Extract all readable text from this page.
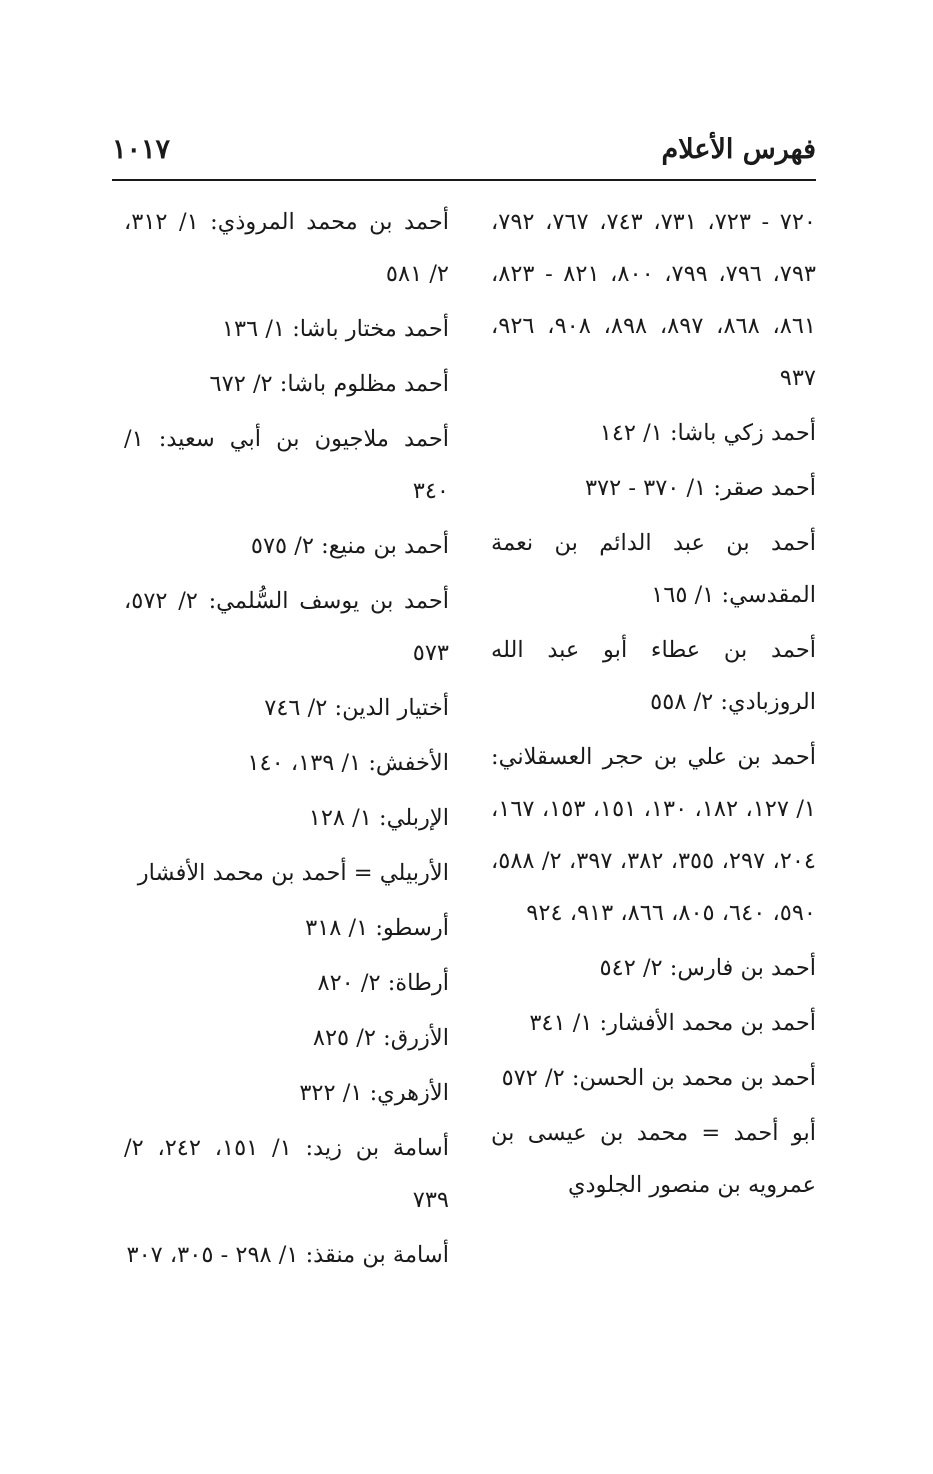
فهرس الأعلام
١٠١٧

٧٢٠ - ٧٢٣، ٧٣١، ٧٤٣، ٧٦٧، ٧٩٢، ٧٩٣، ٧٩٦، ٧٩٩، ٨٠٠، ٨٢١ - ٨٢٣، ٨٦١، ٨٦٨، ٨٩٧، ٨٩٨، ٩٠٨، ٩٢٦، ٩٣٧

أحمد زكي باشا: ١/ ١٤٢

أحمد صقر: ١/ ٣٧٠ - ٣٧٢

أحمد بن عبد الدائم بن نعمة المقدسي: ١/ ١٦٥

أحمد بن عطاء أبو عبد الله الروزبادي: ٢/ ٥٥٨

أحمد بن علي بن حجر العسقلاني: ١/ ١٢٧، ١٨٢، ١٣٠، ١٥١، ١٥٣، ١٦٧، ٢٠٤، ٢٩٧، ٣٥٥، ٣٨٢، ٣٩٧، ٢/ ٥٨٨، ٥٩٠، ٦٤٠، ٨٠٥، ٨٦٦، ٩١٣، ٩٢٤

أحمد بن فارس: ٢/ ٥٤٢

أحمد بن محمد الأفشار: ١/ ٣٤١

أحمد بن محمد بن الحسن: ٢/ ٥٧٢

أبو أحمد = محمد بن عيسى بن عمرويه بن منصور الجلودي

أحمد بن محمد المروذي: ١/ ٣١٢، ٢/ ٥٨١

أحمد مختار باشا: ١/ ١٣٦

أحمد مظلوم باشا: ٢/ ٦٧٢

أحمد ملاجيون بن أبي سعيد: ١/ ٣٤٠

أحمد بن منيع: ٢/ ٥٧٥

أحمد بن يوسف السُّلمي: ٢/ ٥٧٢، ٥٧٣

أختيار الدين: ٢/ ٧٤٦

الأخفش: ١/ ١٣٩، ١٤٠

الإربلي: ١/ ١٢٨

الأربيلي = أحمد بن محمد الأفشار

أرسطو: ١/ ٣١٨

أرطاة: ٢/ ٨٢٠

الأزرق: ٢/ ٨٢٥

الأزهري: ١/ ٣٢٢

أسامة بن زيد: ١/ ١٥١، ٢٤٢، ٢/ ٧٣٩

أسامة بن منقذ: ١/ ٢٩٨ - ٣٠٥، ٣٠٧
